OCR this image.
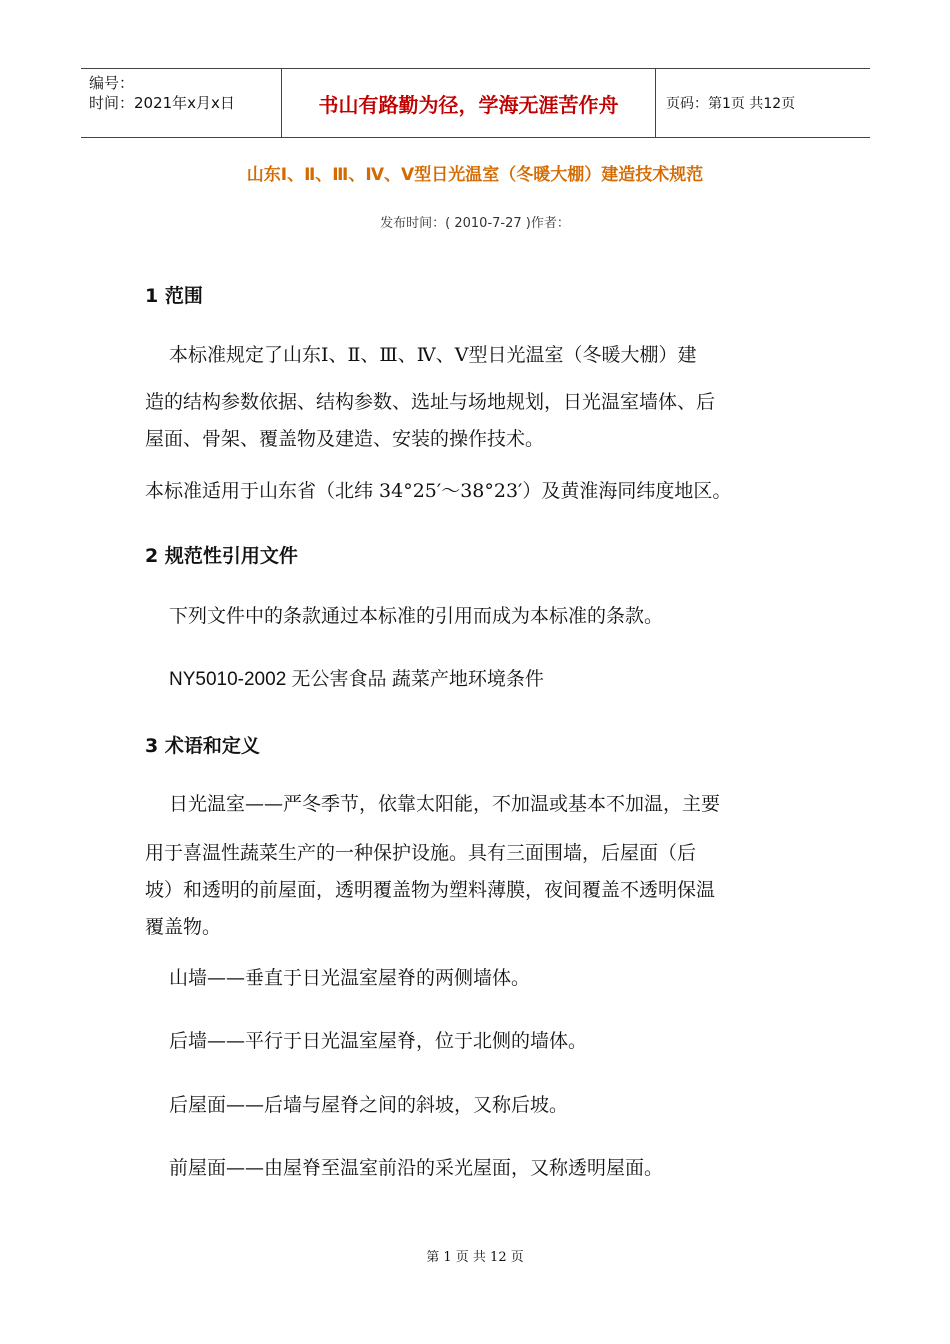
编号：
时间：2021年x月x日	书山有路勤为径，学海无涯苦作舟	页码：第1页 共12页
山东Ⅰ、Ⅱ、Ⅲ、Ⅳ、Ⅴ型日光温室（冬暖大棚）建造技术规范
发布时间：( 2010-7-27 )作者：
1 范围
本标准规定了山东Ⅰ、Ⅱ、Ⅲ、Ⅳ、Ⅴ型日光温室（冬暖大棚）建
造的结构参数依据、结构参数、选址与场地规划，日光温室墙体、后
屋面、骨架、覆盖物及建造、安装的操作技术。
本标准适用于山东省（北纬 34°25′～38°23′）及黄淮海同纬度地区。
2 规范性引用文件
下列文件中的条款通过本标准的引用而成为本标准的条款。
NY5010-2002 无公害食品 蔬菜产地环境条件
3 术语和定义
日光温室——严冬季节，依靠太阳能，不加温或基本不加温，主要
用于喜温性蔬菜生产的一种保护设施。具有三面围墙，后屋面（后
坡）和透明的前屋面，透明覆盖物为塑料薄膜，夜间覆盖不透明保温
覆盖物。
山墙——垂直于日光温室屋脊的两侧墙体。
后墙——平行于日光温室屋脊，位于北侧的墙体。
后屋面——后墙与屋脊之间的斜坡，又称后坡。
前屋面——由屋脊至温室前沿的采光屋面，又称透明屋面。
第 1 页 共 12 页
